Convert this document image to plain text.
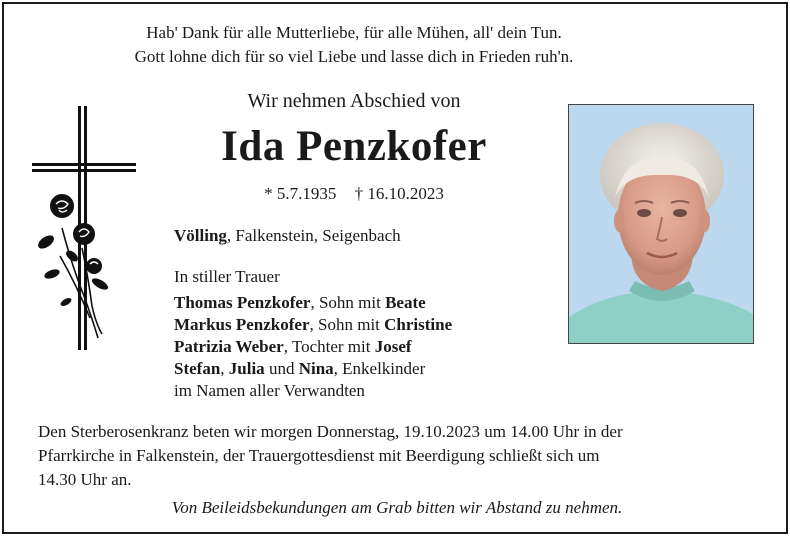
Hab' Dank für alle Mutterliebe, für alle Mühen, all' dein Tun.
Gott lohne dich für so viel Liebe und lasse dich in Frieden ruh'n.
Wir nehmen Abschied von
Ida Penzkofer
* 5.7.1935 † 16.10.2023
Völling, Falkenstein, Seigenbach
In stiller Trauer
Thomas Penzkofer, Sohn mit Beate
Markus Penzkofer, Sohn mit Christine
Patrizia Weber, Tochter mit Josef
Stefan, Julia und Nina, Enkelkinder
im Namen aller Verwandten
Den Sterberosenkranz beten wir morgen Donnerstag, 19.10.2023 um 14.00 Uhr in der
Pfarrkirche in Falkenstein, der Trauergottesdienst mit Beerdigung schließt sich um
14.30 Uhr an.
Von Beileidsbekundungen am Grab bitten wir Abstand zu nehmen.
